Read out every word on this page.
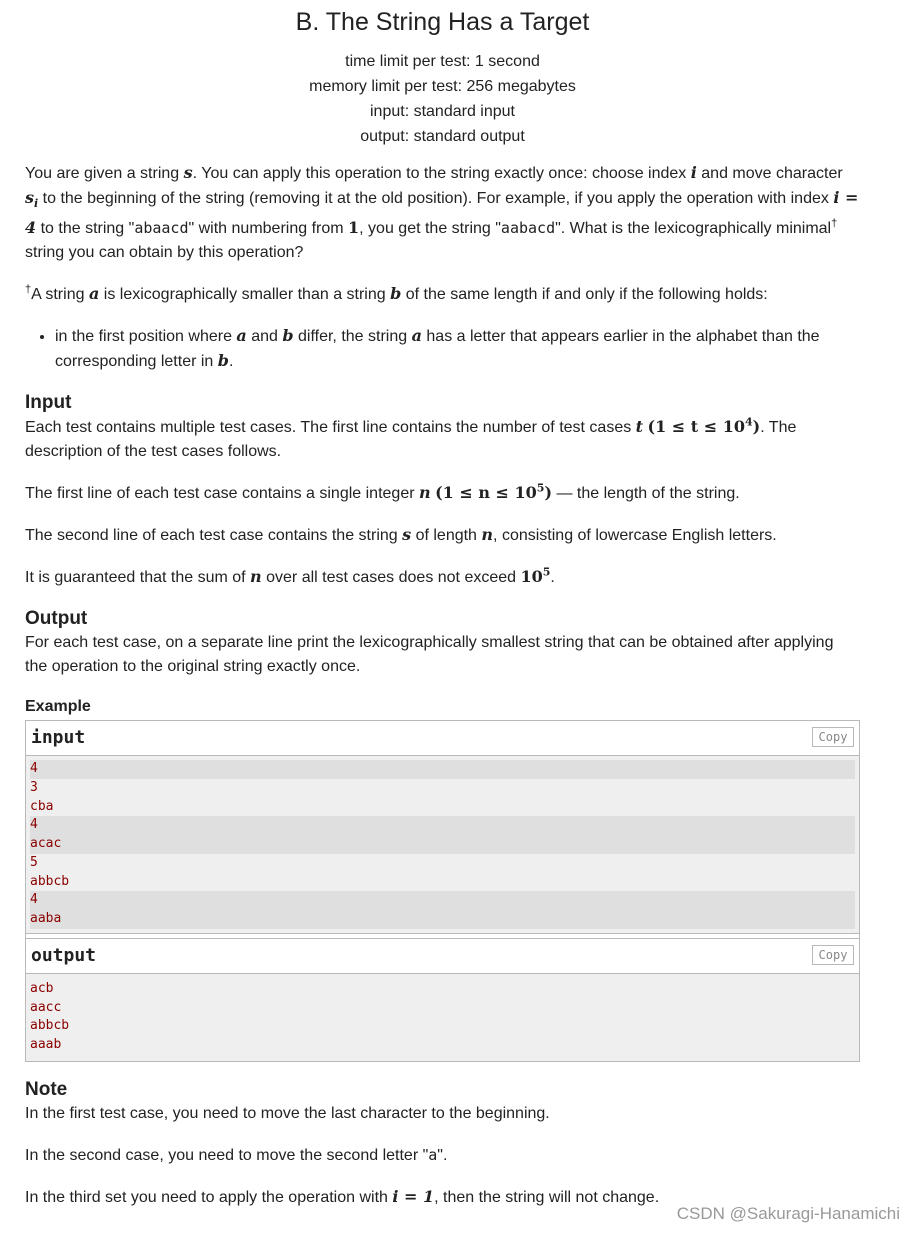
B. The String Has a Target
time limit per test: 1 second
memory limit per test: 256 megabytes
input: standard input
output: standard output

You are given a string s. You can apply this operation to the string exactly once: choose index i and move character $s_i$ to the beginning of the string (removing it at the old position). For example, if you apply the operation with index i = 4 to the string "abaacd" with numbering from 1, you get the string "aabacd". What is the lexicographically minimal† string you can obtain by this operation?

†A string a is lexicographically smaller than a string b of the same length if and only if the following holds:

• in the first position where a and b differ, the string a has a letter that appears earlier in the alphabet than the corresponding letter in b.
Input

Each test contains multiple test cases. The first line contains the number of test cases t $(1 \le t \le 10^4)$. The description of the test cases follows.

The first line of each test case contains a single integer n $(1 \le n \le 10^5)$ — the length of the string.

The second line of each test case contains the string s of length n, consisting of lowercase English letters.

It is guaranteed that the sum of n over all test cases does not exceed $10^5$.

Output

For each test case, on a separate line print the lexicographically smallest string that can be obtained after applying the operation to the original string exactly once.

Example
input	Copy
4
3
cba
4
acac
5
abbcb
4
aaba
output	Copy
acb
aacc
abbcb
aaab
Note

In the first test case, you need to move the last character to the beginning.

In the second case, you need to move the second letter "a".

In the third set you need to apply the operation with i = 1, then the string will not change.

CSDN @Sakuragi-Hanamichi
